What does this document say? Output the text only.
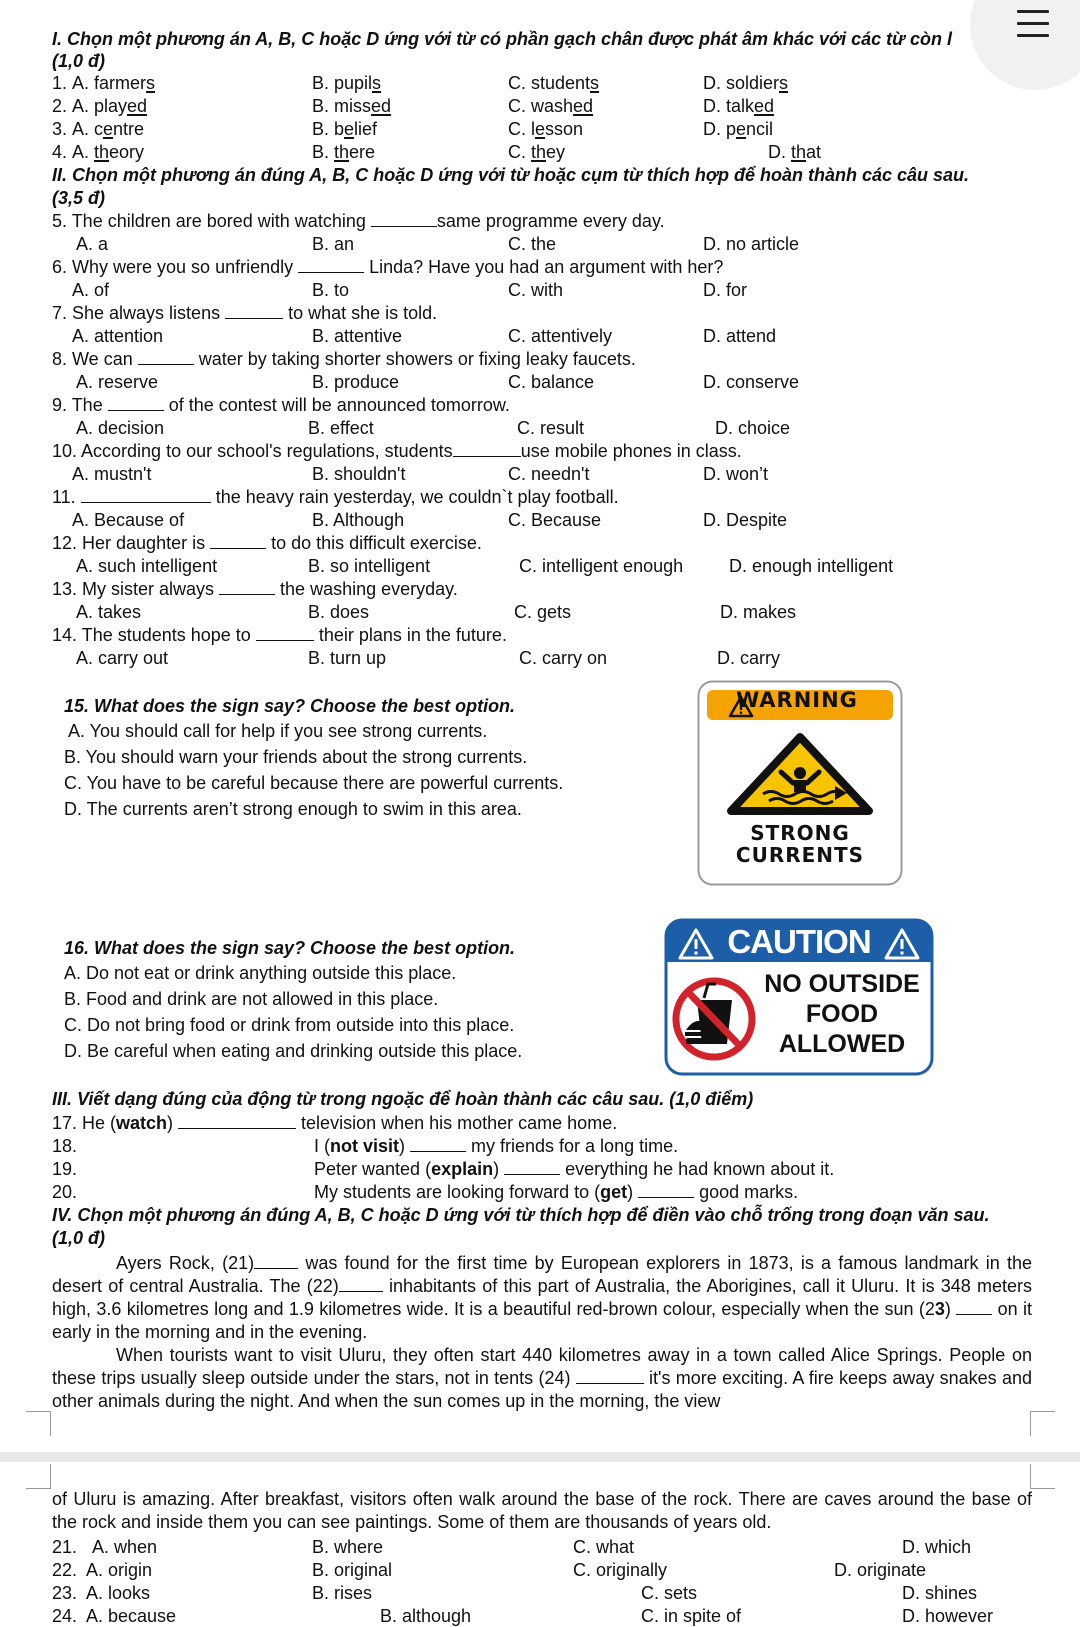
I. Chọn một phương án A, B, C hoặc D ứng với từ có phần gạch chân được phát âm khác với các từ còn l
(1,0 đ)
1. A. farmers	B. pupils	C. students	D. soldiers
2. A. played	B. missed	C. washed	D. talked
3. A. centre	B. belief	C. lesson	D. pencil
4. A. theory	B. there	C. they	D. that
II. Chọn một phương án đúng A, B, C hoặc D ứng với từ hoặc cụm từ thích hợp để hoàn thành các câu sau.
(3,5 đ)
5. The children are bored with watching	same programme every day.
A. a	B. an	C. the	D. no article
6. Why were you so unfriendly	Linda? Have you had an argument with her?
A. of	B. to	C. with	D. for
7. She always listens	to what she is told.
A. attention	B. attentive	C. attentively	D. attend
8. We can	water by taking shorter showers or fixing leaky faucets.
A. reserve	B. produce	C. balance	D. conserve
9. The	of the contest will be announced tomorrow.
A. decision	B. effect	C. result	D. choice
10. According to our school's regulations, students	use mobile phones in class.
A. mustn't	B. shouldn't	C. needn't	D. won’t
11.	the heavy rain yesterday, we couldn`t play football.
A. Because of	B. Although	C. Because	D. Despite
12. Her daughter is	to do this difficult exercise.
A. such intelligent	B. so intelligent	C. intelligent enough	D. enough intelligent
13. My sister always	the washing everyday.
A. takes	B. does	C. gets	D. makes
14. The students hope to	their plans in the future.
A. carry out	B. turn up	C. carry on	D. carry
15. What does the sign say? Choose the best option.
A. You should call for help if you see strong currents.
B. You should warn your friends about the strong currents.
C. You have to be careful because there are powerful currents.
D. The currents aren’t strong enough to swim in this area.
WARNING
STRONG
CURRENTS
16. What does the sign say? Choose the best option.
A. Do not eat or drink anything outside this place.
B. Food and drink are not allowed in this place.
C. Do not bring food or drink from outside into this place.
D. Be careful when eating and drinking outside this place.
CAUTION
NO OUTSIDE
FOOD
ALLOWED
III. Viết dạng đúng của động từ trong ngoặc để hoàn thành các câu sau. (1,0 điểm)
17. He (watch)	television when his mother came home.
18.	I (not visit)	my friends for a long time.
19.	Peter wanted (explain)	everything he had known about it.
20.	My students are looking forward to (get)	good marks.
IV. Chọn một phương án đúng A, B, C hoặc D ứng với từ thích hợp để điền vào chỗ trống trong đoạn văn sau.
(1,0 đ)
Ayers Rock, (21) was found for the first time by European explorers in 1873, is a famous landmark in the desert of central Australia. The (22) inhabitants of this part of Australia, the Aborigines, call it Uluru. It is 348 meters high, 3.6 kilometres long and 1.9 kilometres wide. It is a beautiful red-brown colour, especially when the sun (23)  on it early in the morning and in the evening.
When tourists want to visit Uluru, they often start 440 kilometres away in a town called Alice Springs. People on these trips usually sleep outside under the stars, not in tents (24)	it's more exciting. A fire keeps away snakes and other animals during the night. And when the sun comes up in the morning, the view
of Uluru is amazing. After breakfast, visitors often walk around the base of the rock. There are caves around the base of the rock and inside them you can see paintings. Some of them are thousands of years old.
21. A. when	B. where	C. what	D. which
22. A. origin	B. original	C. originally	D. originate
23. A. looks	B. rises	C. sets	D. shines
24. A. because	B. although	C. in spite of	D. however
